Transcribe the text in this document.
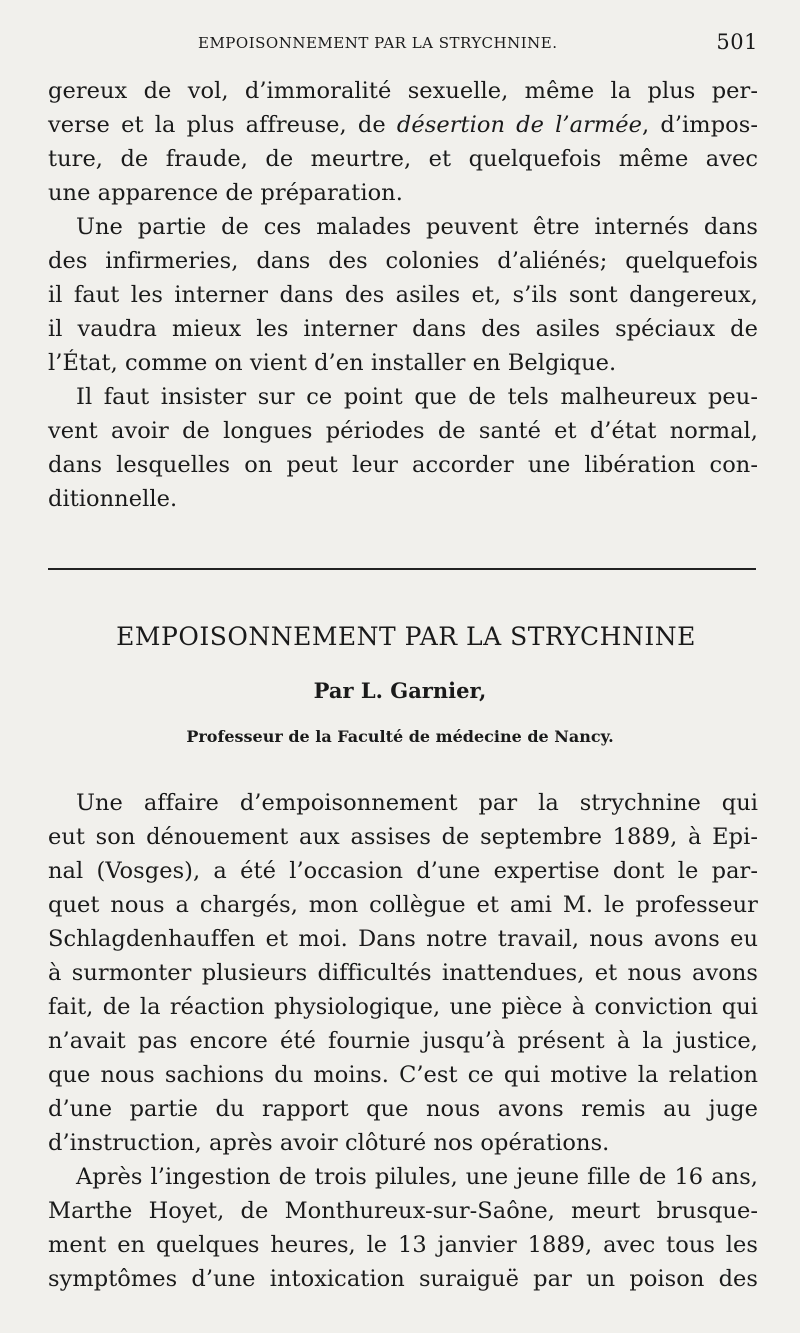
EMPOISONNEMENT PAR LA STRYCHNINE.	501
gereux de vol, d’immoralité sexuelle, même la plus per-
verse et la plus affreuse, de désertion de l’armée, d’impos-
ture, de fraude, de meurtre, et quelquefois même avec
une apparence de préparation.
Une partie de ces malades peuvent être internés dans
des infirmeries, dans des colonies d’aliénés; quelquefois
il faut les interner dans des asiles et, s’ils sont dangereux,
il vaudra mieux les interner dans des asiles spéciaux de
l’État, comme on vient d’en installer en Belgique.
Il faut insister sur ce point que de tels malheureux peu-
vent avoir de longues périodes de santé et d’état normal,
dans lesquelles on peut leur accorder une libération con-
ditionnelle.
EMPOISONNEMENT PAR LA STRYCHNINE
Par L. Garnier,
Professeur de la Faculté de médecine de Nancy.
Une affaire d’empoisonnement par la strychnine qui
eut son dénouement aux assises de septembre 1889, à Epi-
nal (Vosges), a été l’occasion d’une expertise dont le par-
quet nous a chargés, mon collègue et ami M. le professeur
Schlagdenhauffen et moi. Dans notre travail, nous avons eu
à surmonter plusieurs difficultés inattendues, et nous avons
fait, de la réaction physiologique, une pièce à conviction qui
n’avait pas encore été fournie jusqu’à présent à la justice,
que nous sachions du moins. C’est ce qui motive la relation
d’une partie du rapport que nous avons remis au juge
d’instruction, après avoir clôturé nos opérations.
Après l’ingestion de trois pilules, une jeune fille de 16 ans,
Marthe Hoyet, de Monthureux-sur-Saône, meurt brusque-
ment en quelques heures, le 13 janvier 1889, avec tous les
symptômes d’une intoxication suraiguë par un poison des
